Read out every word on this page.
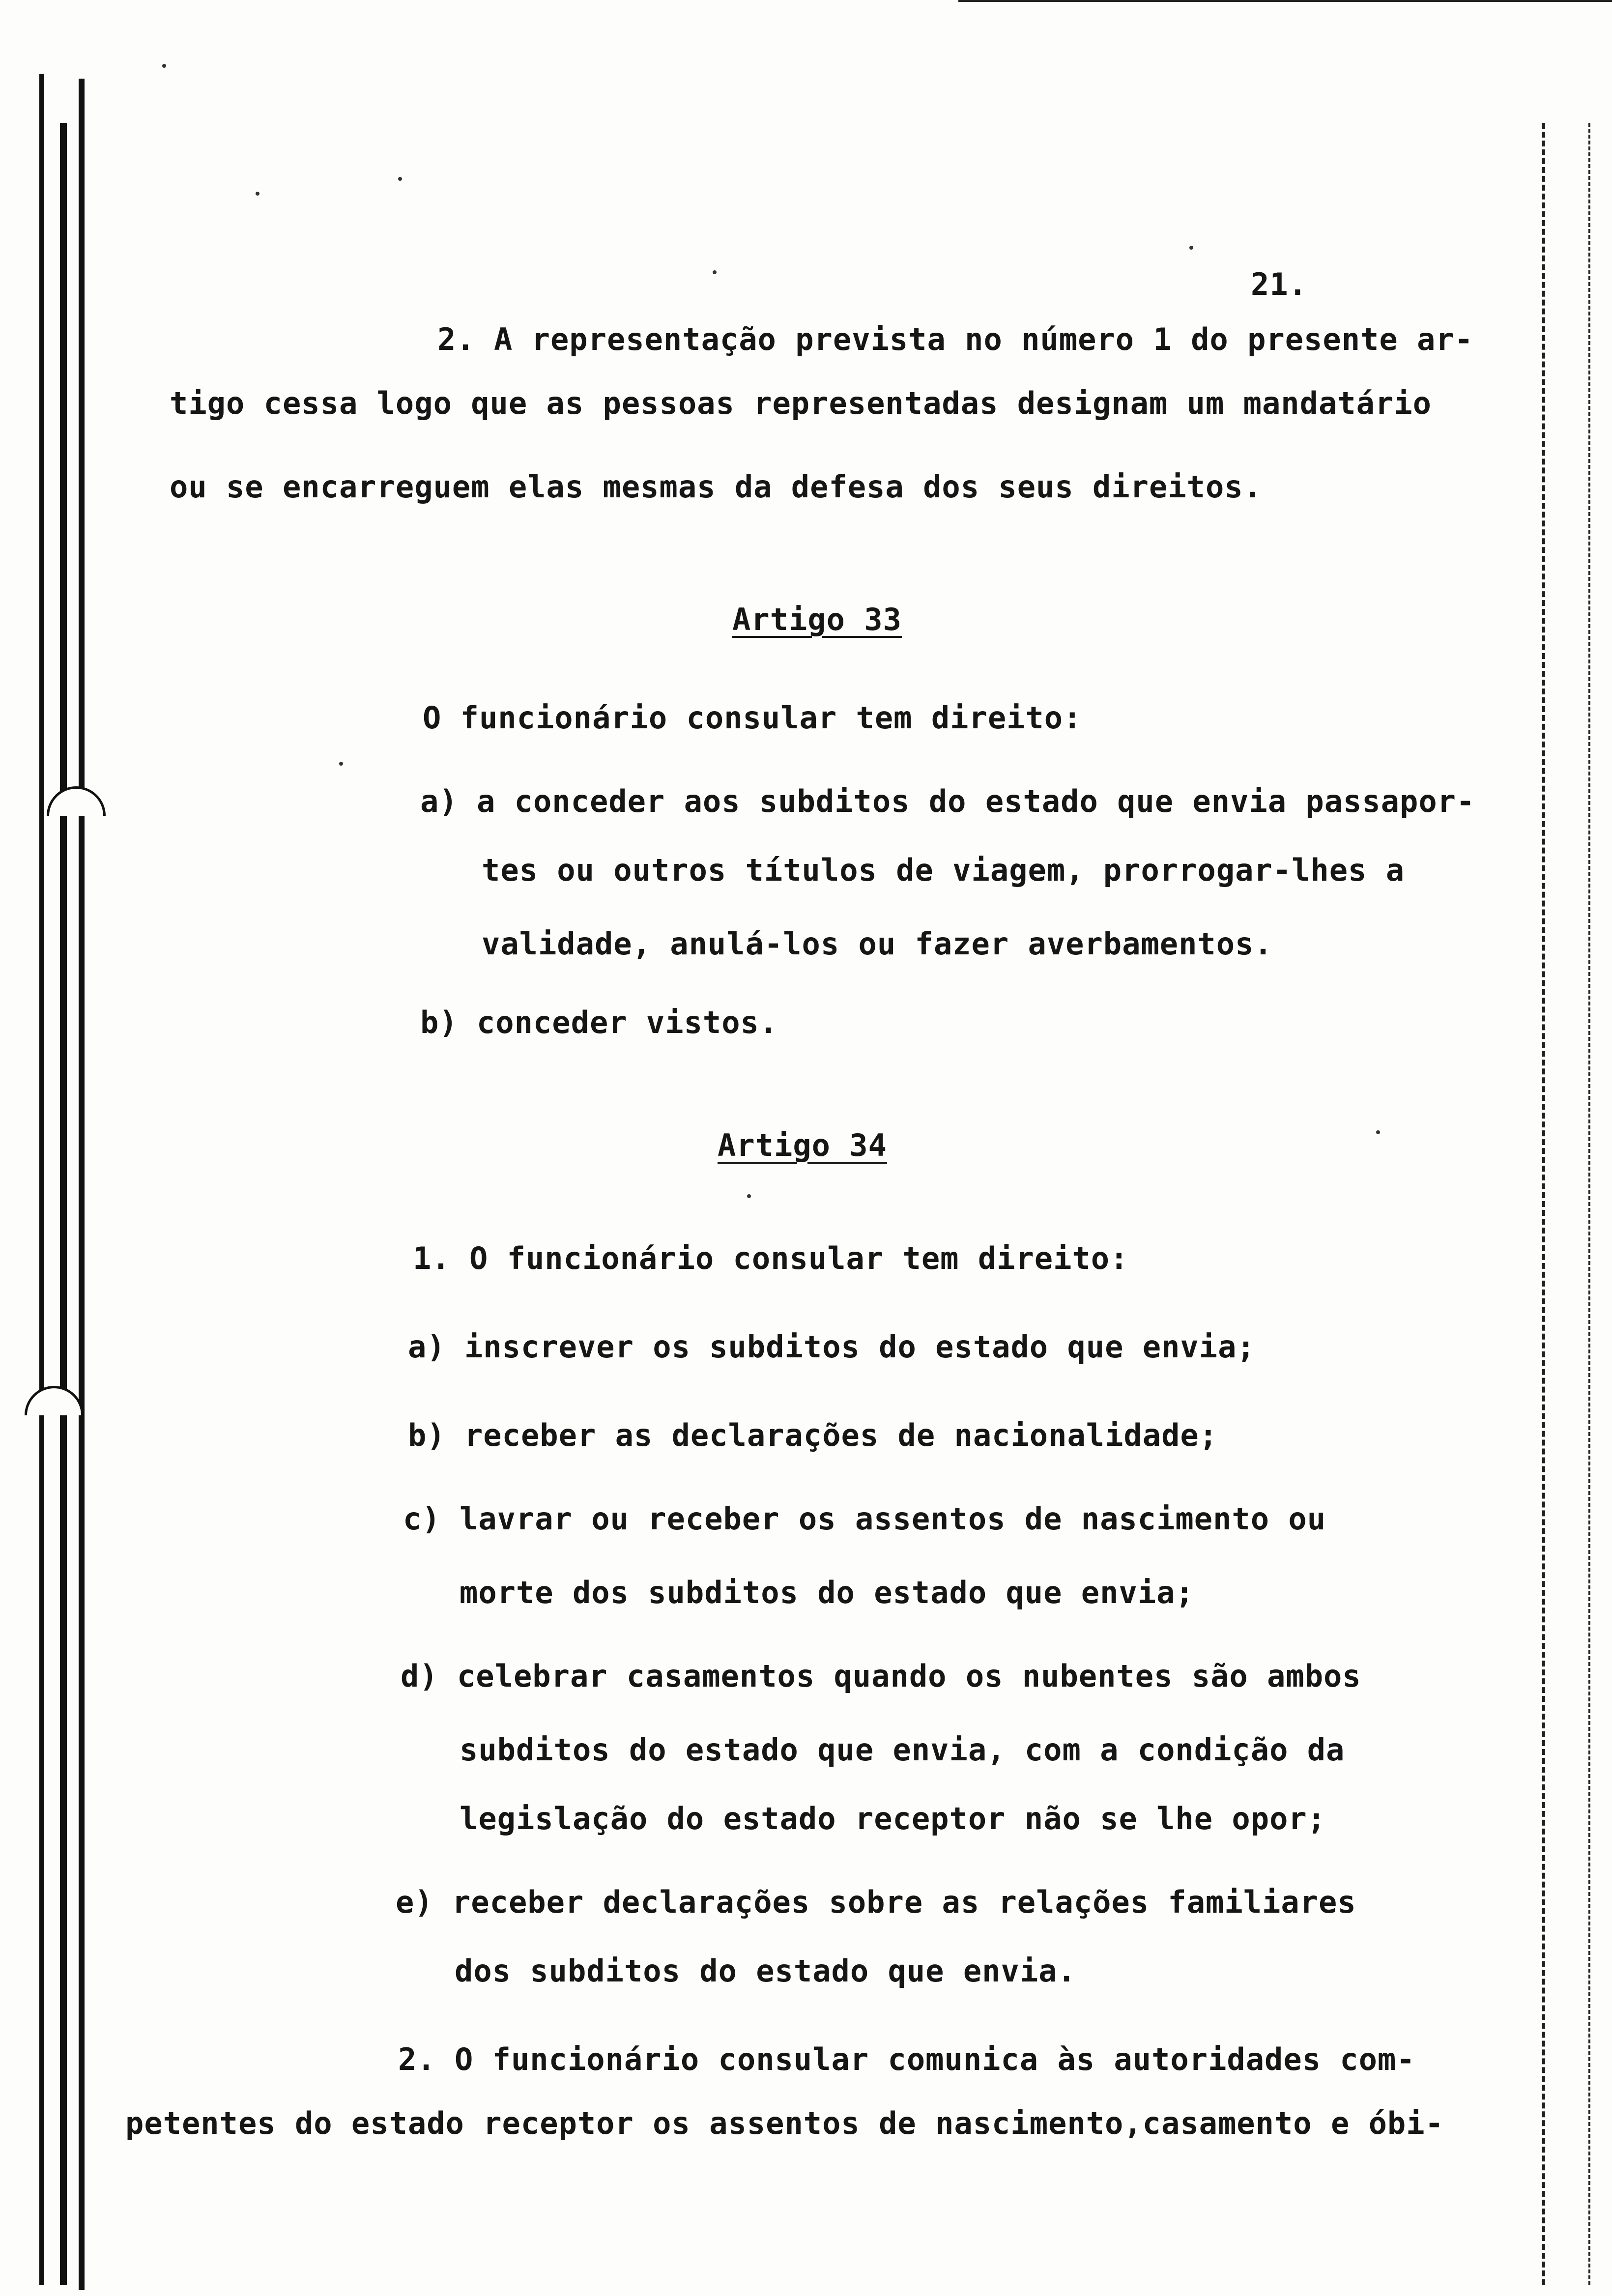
21.
2. A representação prevista no número 1 do presente ar-
tigo cessa logo que as pessoas representadas designam um mandatário
ou se encarreguem elas mesmas da defesa dos seus direitos.
Artigo 33
O funcionário consular tem direito:
a) a conceder aos subditos do estado que envia passapor-
tes ou outros títulos de viagem, prorrogar-lhes a
validade, anulá-los ou fazer averbamentos.
b) conceder vistos.
Artigo 34
1. O funcionário consular tem direito:
a) inscrever os subditos do estado que envia;
b) receber as declarações de nacionalidade;
c) lavrar ou receber os assentos de nascimento ou
morte dos subditos do estado que envia;
d) celebrar casamentos quando os nubentes são ambos
subditos do estado que envia, com a condição da
legislação do estado receptor não se lhe opor;
e) receber declarações sobre as relações familiares
dos subditos do estado que envia.
2. O funcionário consular comunica às autoridades com-
petentes do estado receptor os assentos de nascimento,casamento e óbi-
